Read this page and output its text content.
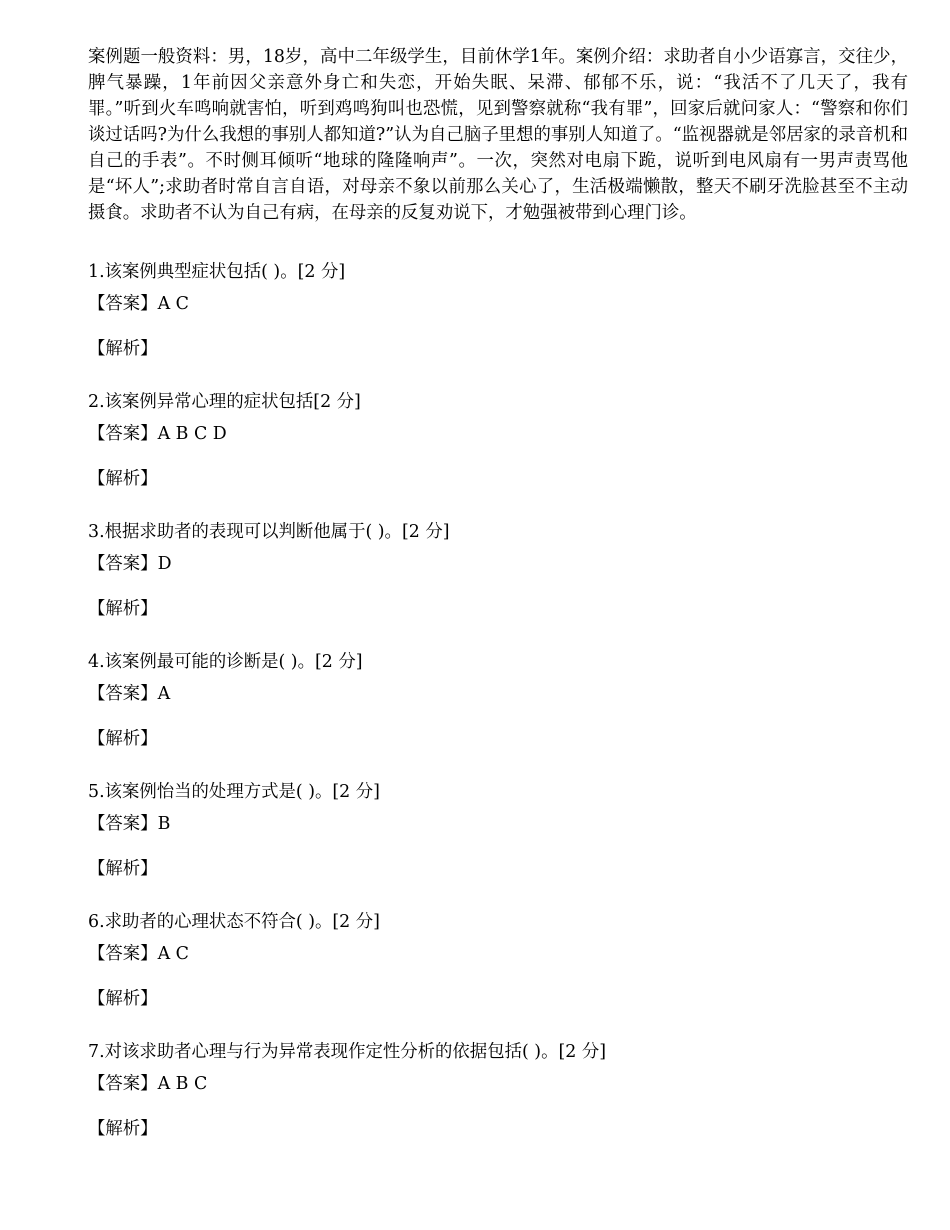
案例题一般资料：男，18岁，高中二年级学生，目前休学1年。案例介绍：求助者自小少语寡言，交往少，脾气暴躁，1年前因父亲意外身亡和失恋，开始失眠、呆滞、郁郁不乐，说：“我活不了几天了，我有罪。”听到火车鸣响就害怕，听到鸡鸣狗叫也恐慌，见到警察就称“我有罪”，回家后就问家人：“警察和你们谈过话吗?为什么我想的事别人都知道?”认为自己脑子里想的事别人知道了。“监视器就是邻居家的录音机和自己的手表”。不时侧耳倾听“地球的隆隆响声”。一次，突然对电扇下跪，说听到电风扇有一男声责骂他是“坏人”;求助者时常自言自语，对母亲不象以前那么关心了，生活极端懒散，整天不刷牙洗脸甚至不主动摄食。求助者不认为自己有病，在母亲的反复劝说下，才勉强被带到心理门诊。

1.该案例典型症状包括( )。[2 分]
【答案】A C
【解析】
2.该案例异常心理的症状包括[2 分]
【答案】A B C D
【解析】
3.根据求助者的表现可以判断他属于( )。[2 分]
【答案】D
【解析】
4.该案例最可能的诊断是( )。[2 分]
【答案】A
【解析】
5.该案例怡当的处理方式是( )。[2 分]
【答案】B
【解析】
6.求助者的心理状态不符合( )。[2 分]
【答案】A C
【解析】
7.对该求助者心理与行为异常表现作定性分析的依据包括( )。[2 分]
【答案】A B C
【解析】
